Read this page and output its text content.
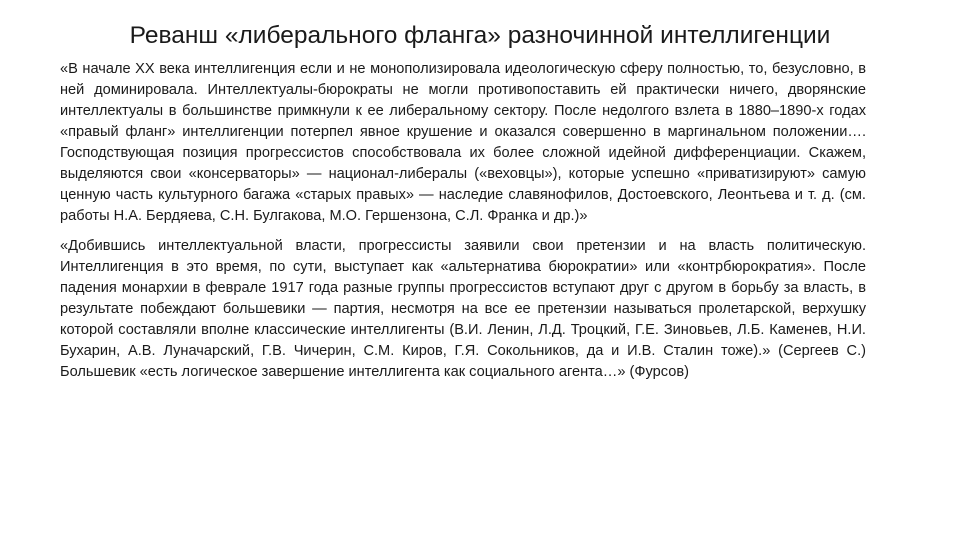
Реванш «либерального фланга» разночинной интеллигенции

«В начале XX века интеллигенция если и не монополизировала идеологическую сферу полностью, то, безусловно, в ней доминировала. Интеллектуалы-бюрократы не могли противопоставить ей практически ничего, дворянские интеллектуалы в большинстве примкнули к ее либеральному сектору. После недолгого взлета в 1880–1890-х годах «правый фланг» интеллигенции потерпел явное крушение и оказался совершенно в маргинальном положении…. Господствующая позиция прогрессистов способствовала их более сложной идейной дифференциации. Скажем, выделяются свои «консерваторы» — национал-либералы («веховцы»), которые успешно «приватизируют» самую ценную часть культурного багажа «старых правых» — наследие славянофилов, Достоевского, Леонтьева и т. д. (см. работы Н.А. Бердяева, С.Н. Булгакова, М.О. Гершензона, С.Л. Франка и др.)»

«Добившись интеллектуальной власти, прогрессисты заявили свои претензии и на власть политическую. Интеллигенция в это время, по сути, выступает как «альтернатива бюрократии» или «контрбюрократия». После падения монархии в феврале 1917 года разные группы прогрессистов вступают друг с другом в борьбу за власть, в результате побеждают большевики — партия, несмотря на все ее претензии называться пролетарской, верхушку которой составляли вполне классические интеллигенты (В.И. Ленин, Л.Д. Троцкий, Г.Е. Зиновьев, Л.Б. Каменев, Н.И. Бухарин, А.В. Луначарский, Г.В. Чичерин, С.М. Киров, Г.Я. Сокольников, да и И.В. Сталин тоже).» (Сергеев С.) Большевик «есть логическое завершение интеллигента как социального агента…» (Фурсов)
